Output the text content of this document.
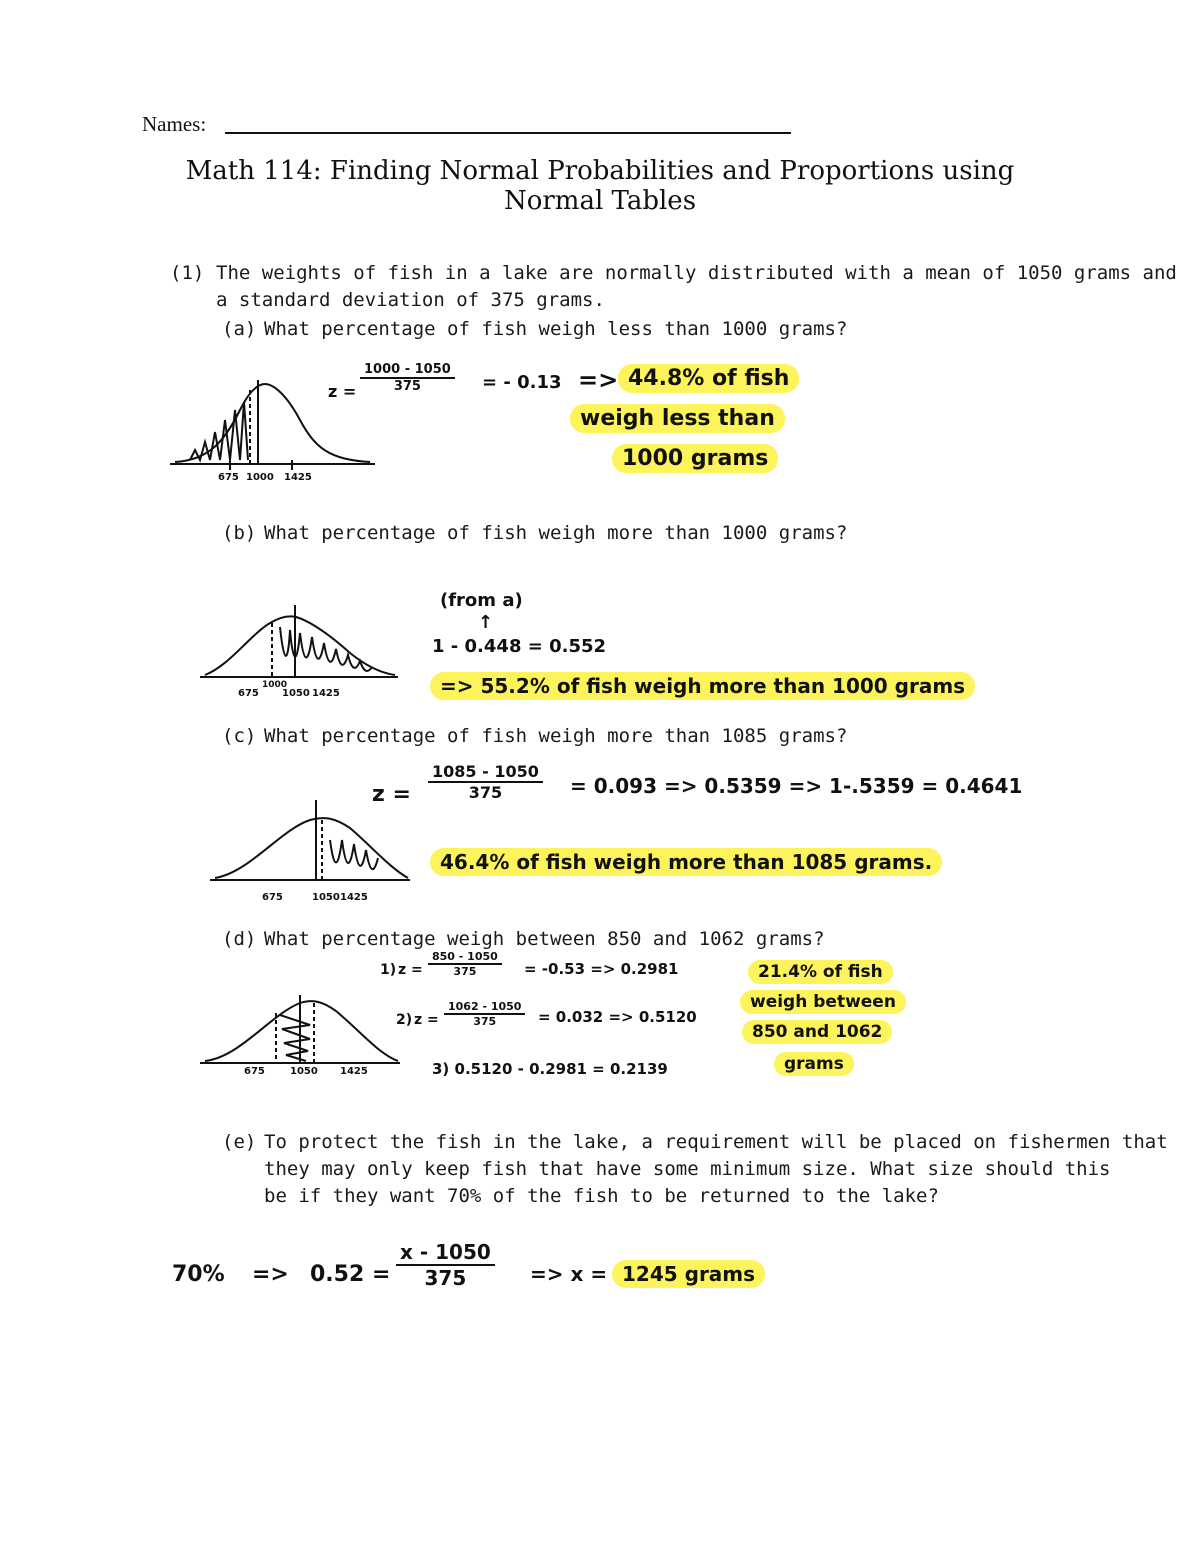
Names:
Math 114: Finding Normal Probabilities and Proportions using
Normal Tables
(1) The weights of fish in a lake are normally distributed with a mean of 1050 grams and
a standard deviation of 375 grams.
(a) What percentage of fish weigh less than 1000 grams?
675 1000 1425
$z = \frac{1000 - 1050}{375}$ = - 0.13 => 44.8% of fish
weigh less than
1000 grams
(b) What percentage of fish weigh more than 1000 grams?
675
1000
1050 1425
(from a)
↑
1 - 0.448 = 0.552
=> 55.2% of fish weigh more than 1000 grams
(c) What percentage of fish weigh more than 1085 grams?
$z = \frac{1085 - 1050}{375} = 0.093 => 0.5359 => 1-.5359 = 0.4641$
675	1050 1425
46.4% of fish weigh more than 1085 grams.
(d) What percentage weigh between 850 and 1062 grams?
1) $z = \frac{850 - 1050}{375} = -0.53 => 0.2981$
2) $z = \frac{1062 - 1050}{375} = 0.032 => 0.5120$
3) 0.5120 - 0.2981 = 0.2139
675	1050 1425
21.4% of fish
weigh between
850 and 1062
grams
(e) To protect the fish in the lake, a requirement will be placed on fishermen that
they may only keep fish that have some minimum size. What size should this
be if they want 70% of the fish to be returned to the lake?
$70\% => 0.52 = \frac{x - 1050}{375} => x = 1245$ grams
